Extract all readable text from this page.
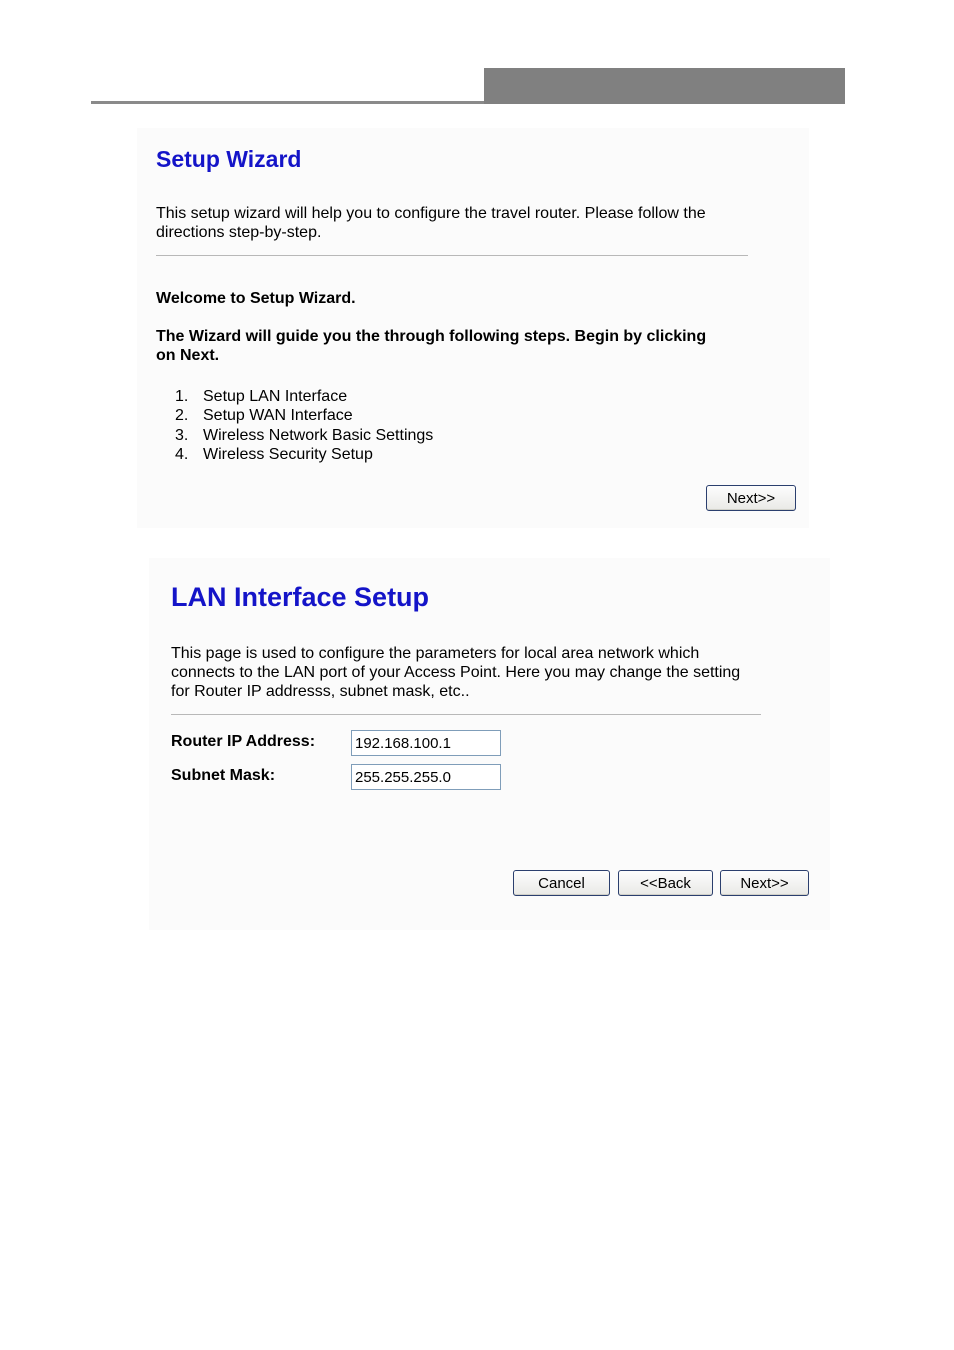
Setup Wizard

This setup wizard will help you to configure the travel router. Please follow the directions step-by-step.

Welcome to Setup Wizard.

The Wizard will guide you the through following steps. Begin by clicking on Next.

1. Setup LAN Interface
2. Setup WAN Interface
3. Wireless Network Basic Settings
4. Wireless Security Setup
Next>>
LAN Interface Setup

This page is used to configure the parameters for local area network which connects to the LAN port of your Access Point. Here you may change the setting for Router IP addresss, subnet mask, etc..

Router IP Address:
192.168.100.1
Subnet Mask:
255.255.255.0
Cancel	<<Back	Next>>
